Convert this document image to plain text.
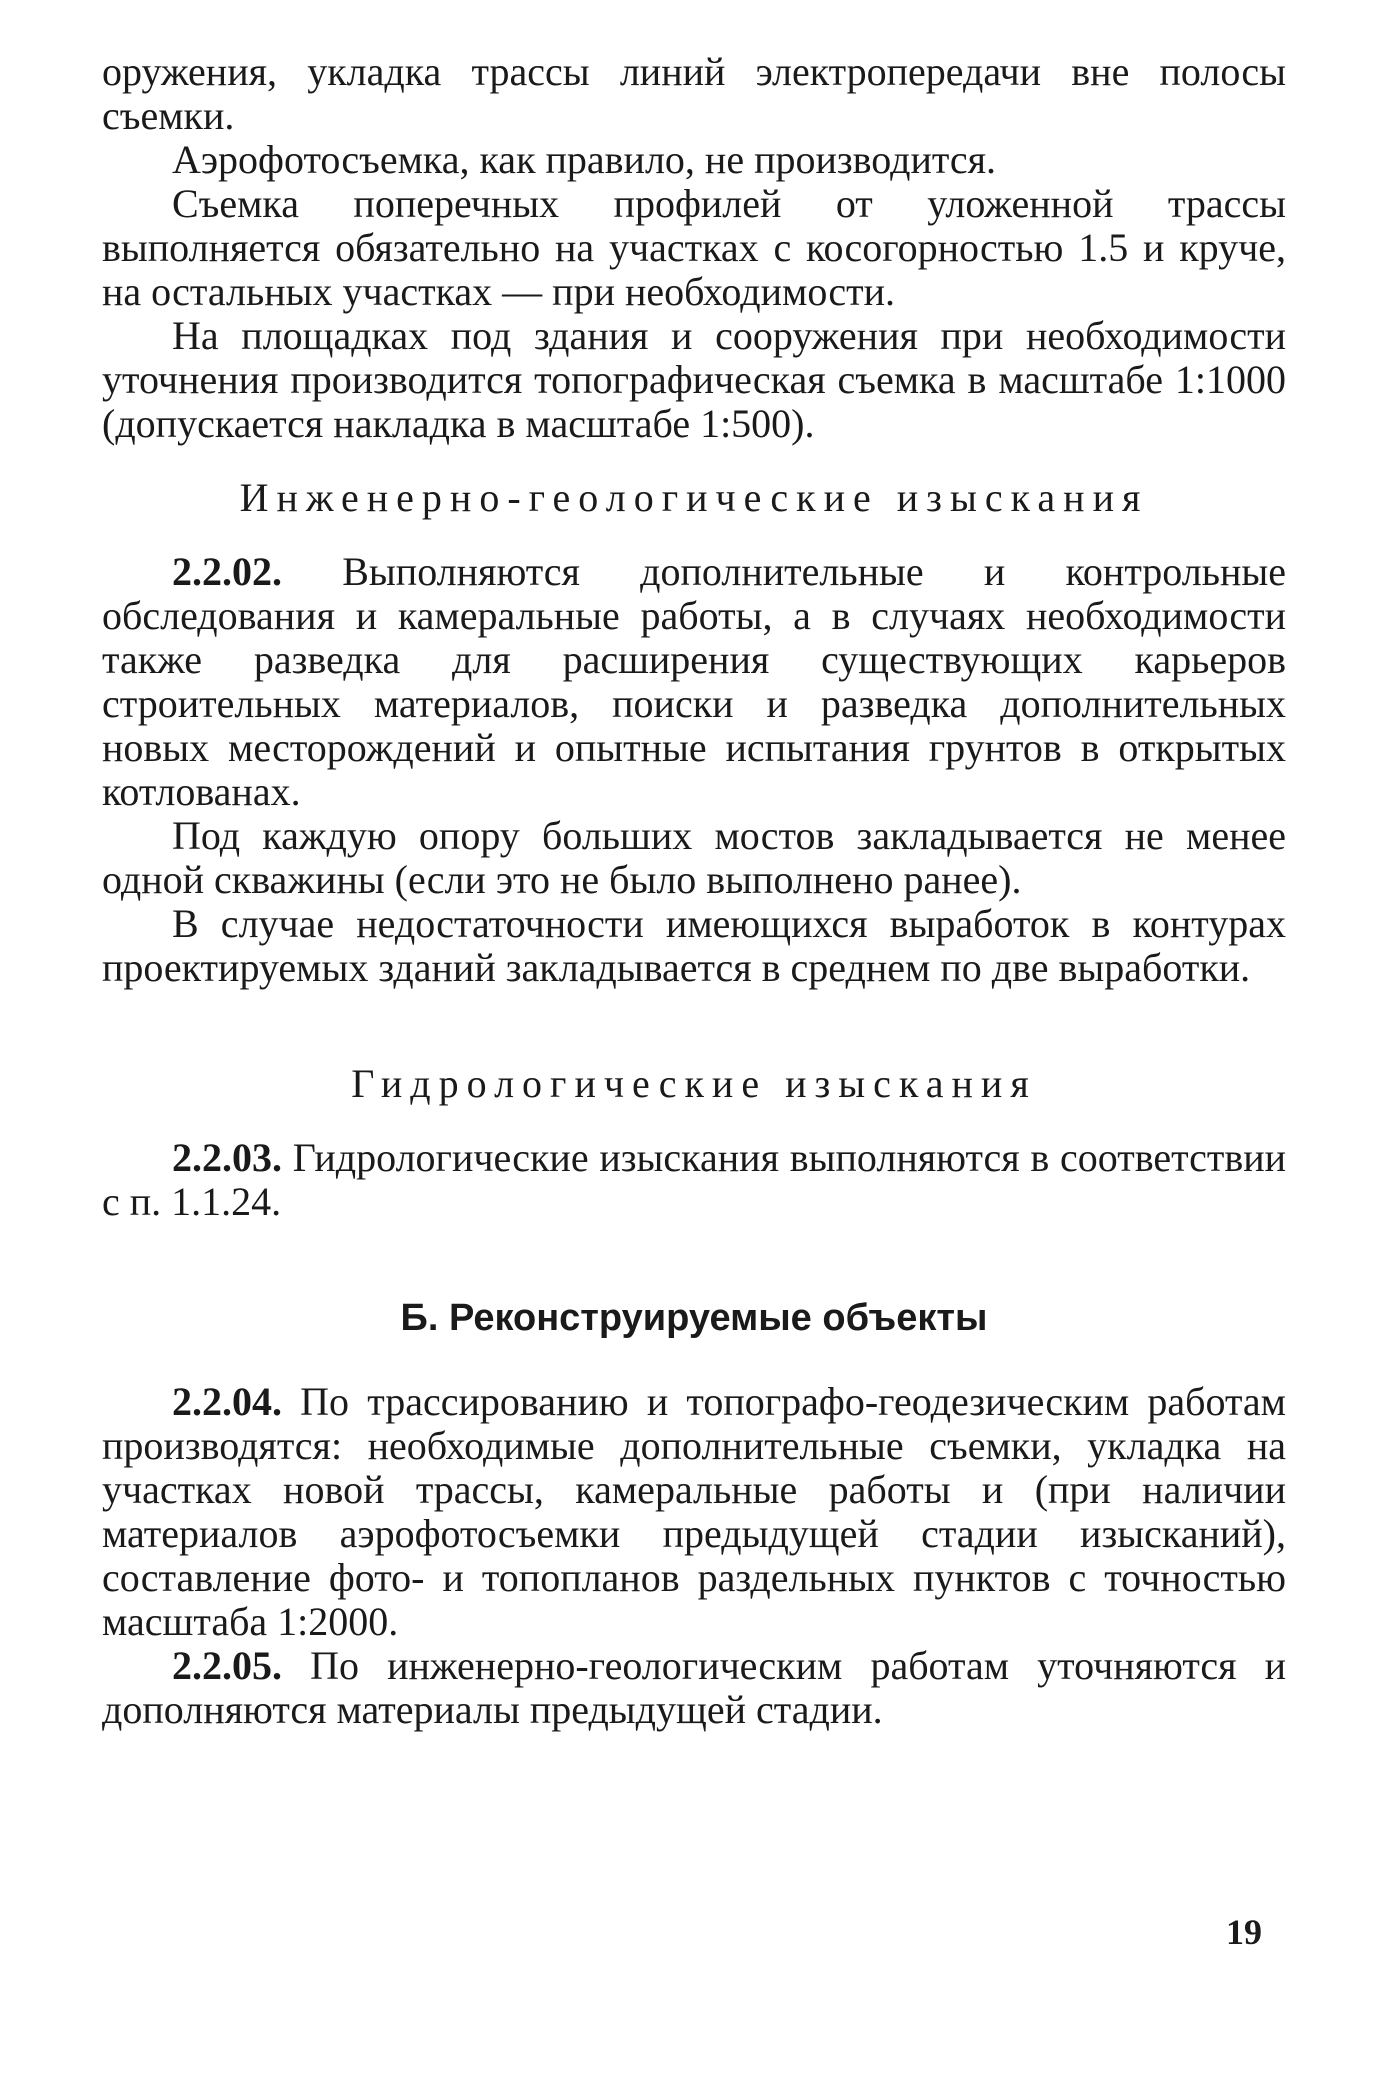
оружения, укладка трассы линий электропередачи вне полосы съемки.

Аэрофотосъемка, как правило, не производится.

Съемка поперечных профилей от уложенной трассы выполняется обязательно на участках с косогорностью 1.5 и круче, на остальных участках — при необходимости.

На площадках под здания и сооружения при необходимости уточнения производится топографическая съемка в масштабе 1:1000 (допускается накладка в масштабе 1:500).

Инженерно-геологические изыскания

2.2.02. Выполняются дополнительные и контрольные обследования и камеральные работы, а в случаях необходимости также разведка для расширения существующих карьеров строительных материалов, поиски и разведка дополнительных новых месторождений и опытные испытания грунтов в открытых котлованах.

Под каждую опору больших мостов закладывается не менее одной скважины (если это не было выполнено ранее).

В случае недостаточности имеющихся выработок в контурах проектируемых зданий закладывается в среднем по две выработки.

Гидрологические изыскания

2.2.03. Гидрологические изыскания выполняются в соответствии с п. 1.1.24.

Б. Реконструируемые объекты

2.2.04. По трассированию и топографо-геодезическим работам производятся: необходимые дополнительные съемки, укладка на участках новой трассы, камеральные работы и (при наличии материалов аэрофотосъемки предыдущей стадии изысканий), составление фото- и топопланов раздельных пунктов с точностью масштаба 1:2000.

2.2.05. По инженерно-геологическим работам уточняются и дополняются материалы предыдущей стадии.

19
